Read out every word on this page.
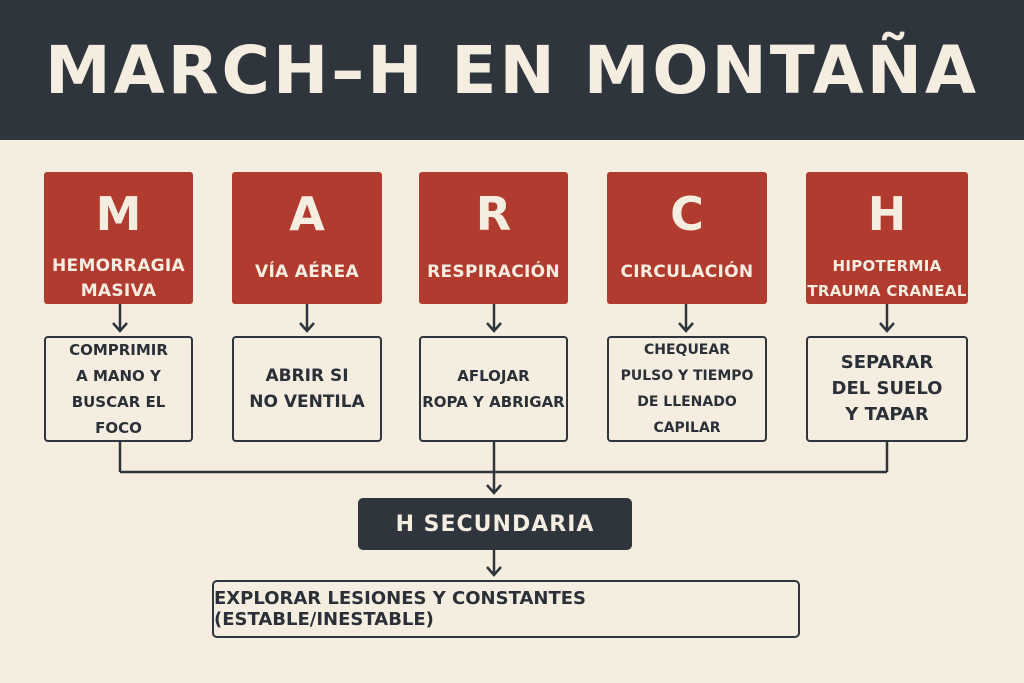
MARCH–H EN MONTAÑA
M
HEMORRAGIA
MASIVA
A
VÍA AÉREA
R
RESPIRACIÓN
C
CIRCULACIÓN
H
HIPOTERMIA
TRAUMA CRANEAL
COMPRIMIR
A MANO Y
BUSCAR EL FOCO
ABRIR SI
NO VENTILA
AFLOJAR
ROPA Y ABRIGAR
CHEQUEAR
PULSO Y TIEMPO
DE LLENADO CAPILAR
SEPARAR
DEL SUELO
Y TAPAR
H SECUNDARIA
EXPLORAR LESIONES Y CONSTANTES (ESTABLE/INESTABLE)
